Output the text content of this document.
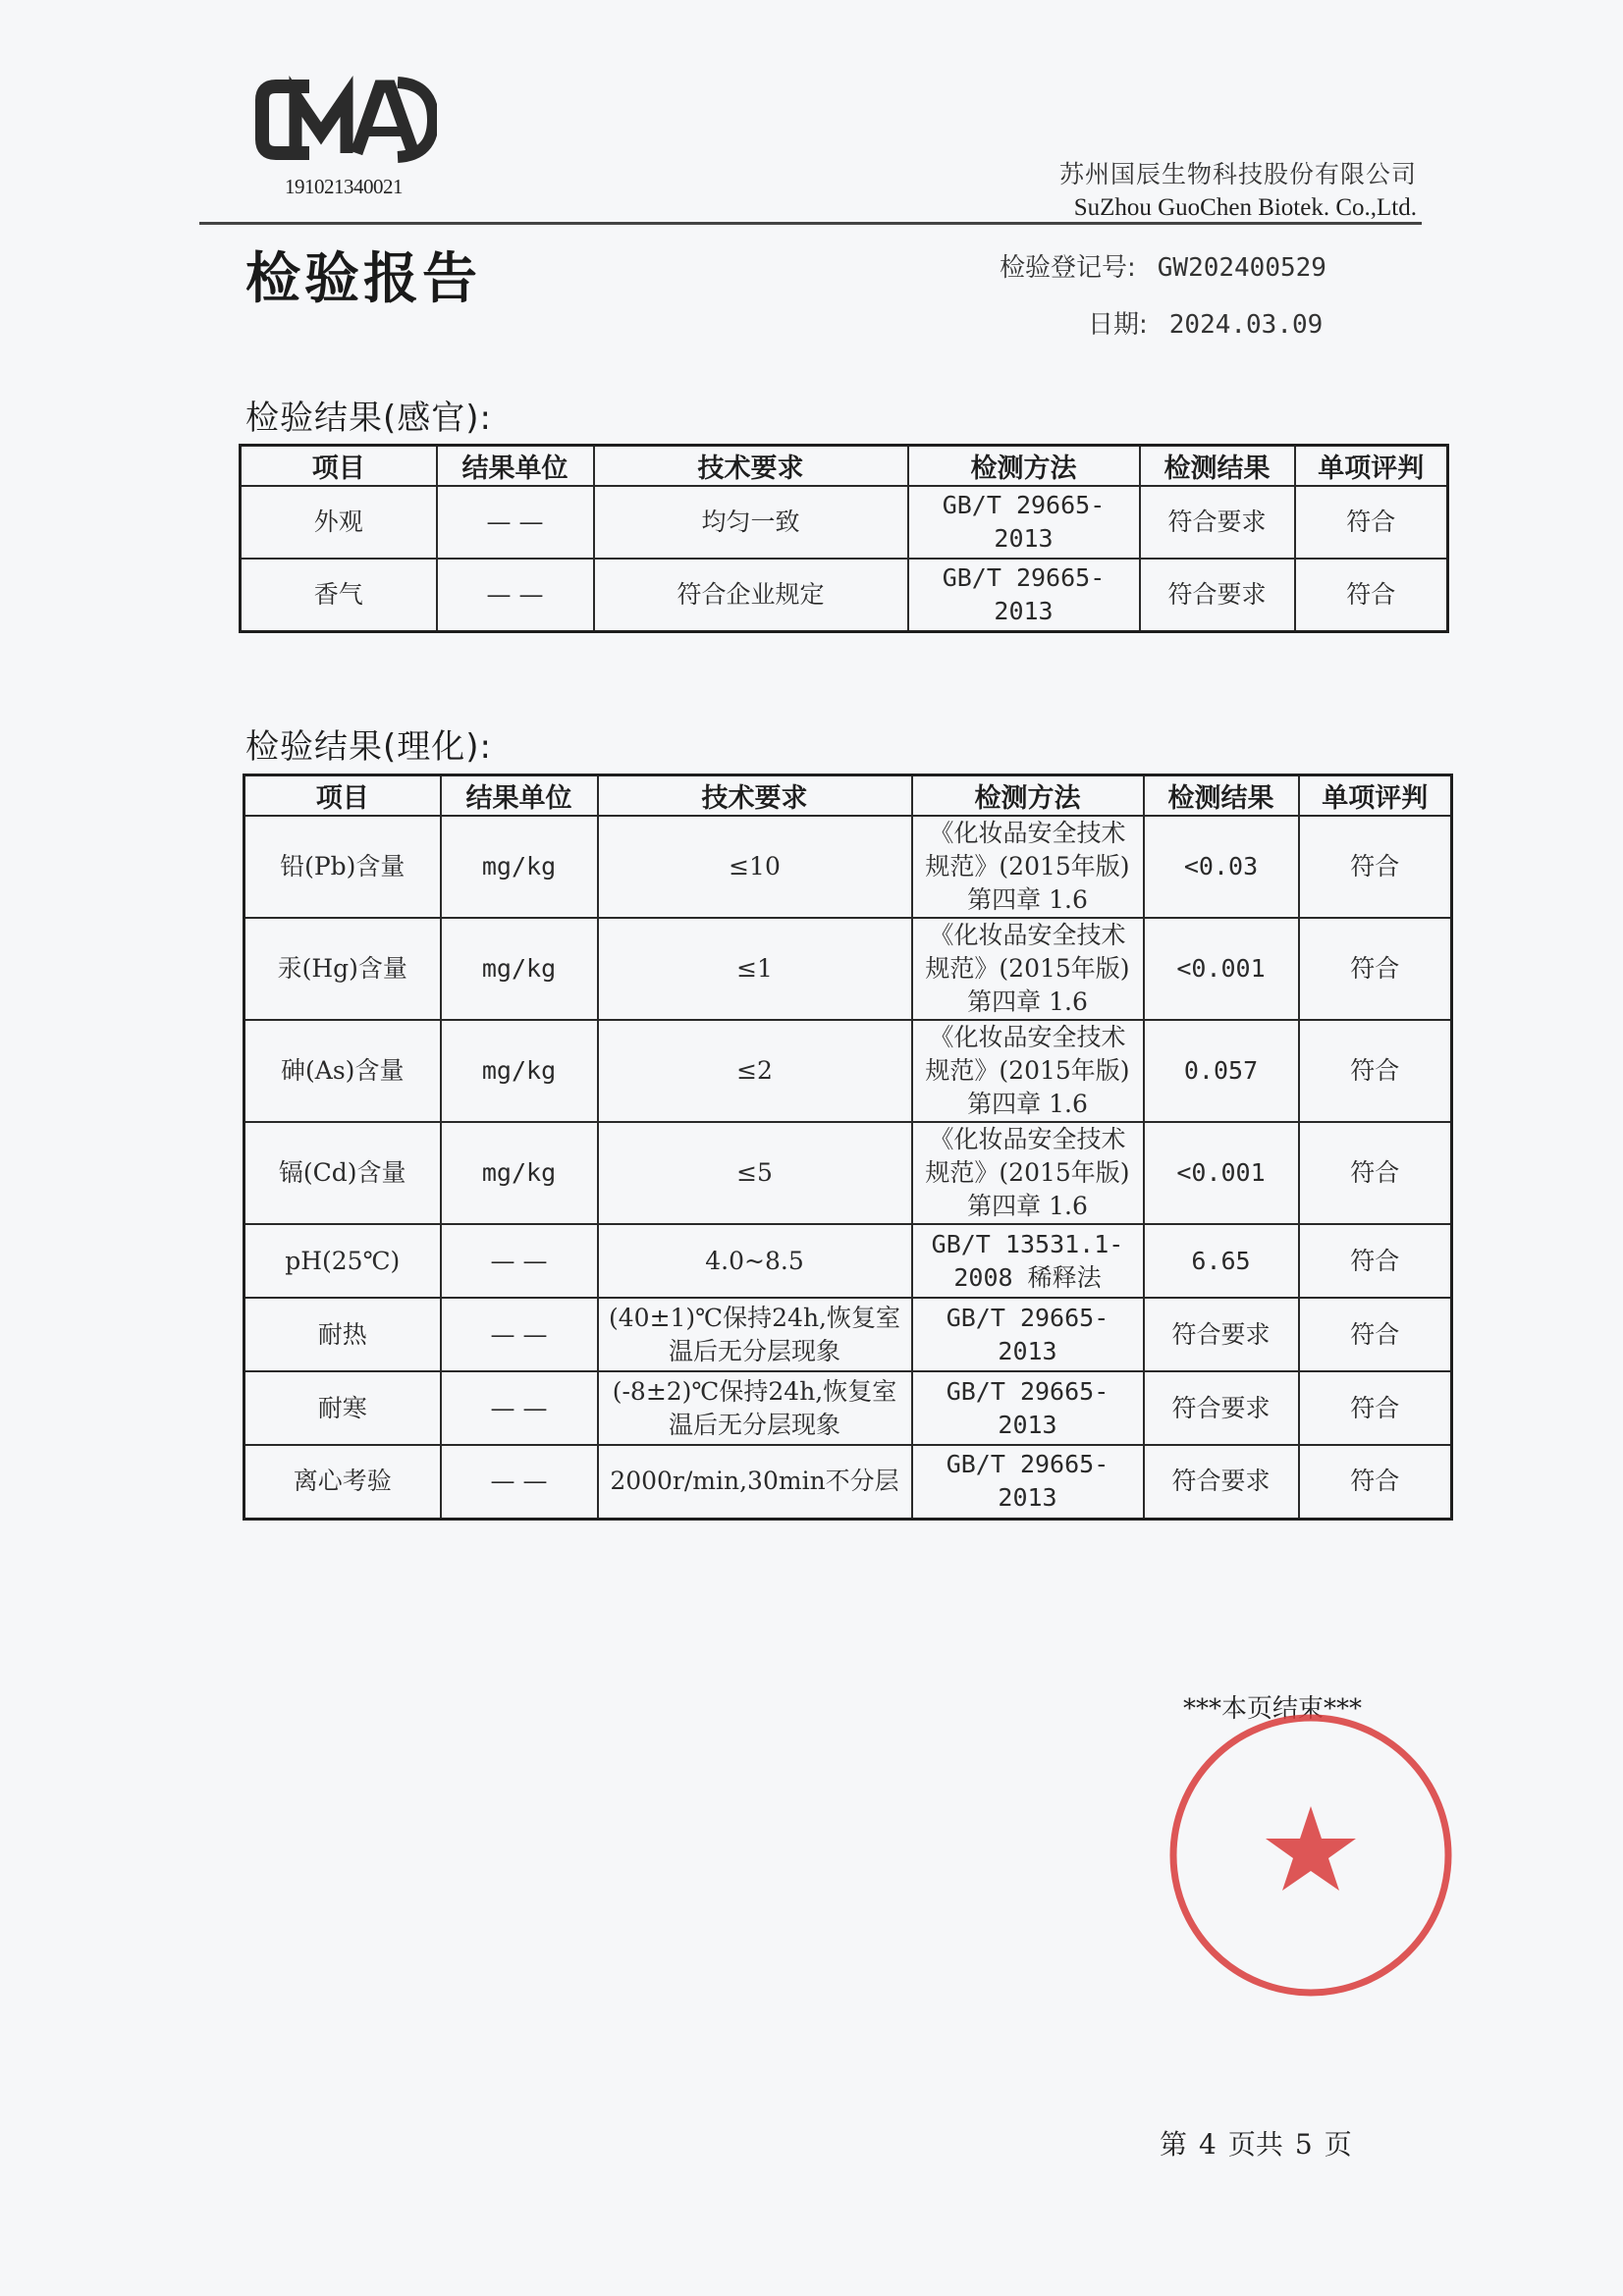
191021340021	苏州国辰生物科技股份有限公司
SuZhou GuoChen Biotek. Co.,Ltd.
检验报告	检验登记号: GW202400529
日期: 2024.03.09
检验结果(感官):
项目	结果单位	技术要求	检测方法	检测结果	单项评判
外观	— —	均匀一致	GB/T 29665-2013	符合要求	符合
香气	— —	符合企业规定	GB/T 29665-2013	符合要求	符合
检验结果(理化):
项目	结果单位	技术要求	检测方法	检测结果	单项评判
铅(Pb)含量	mg/kg	≤10	《化妆品安全技术规范》(2015年版)第四章 1.6	<0.03	符合
汞(Hg)含量	mg/kg	≤1	《化妆品安全技术规范》(2015年版)第四章 1.6	<0.001	符合
砷(As)含量	mg/kg	≤2	《化妆品安全技术规范》(2015年版)第四章 1.6	0.057	符合
镉(Cd)含量	mg/kg	≤5	《化妆品安全技术规范》(2015年版)第四章 1.6	<0.001	符合
pH(25℃)	— —	4.0~8.5	GB/T 13531.1-2008 稀释法	6.65	符合
耐热	— —	(40±1)℃保持24h,恢复室温后无分层现象	GB/T 29665-2013	符合要求	符合
耐寒	— —	(-8±2)℃保持24h,恢复室温后无分层现象	GB/T 29665-2013	符合要求	符合
离心考验	— —	2000r/min,30min不分层	GB/T 29665-2013	符合要求	符合
***本页结束***
第 4 页共 5 页
